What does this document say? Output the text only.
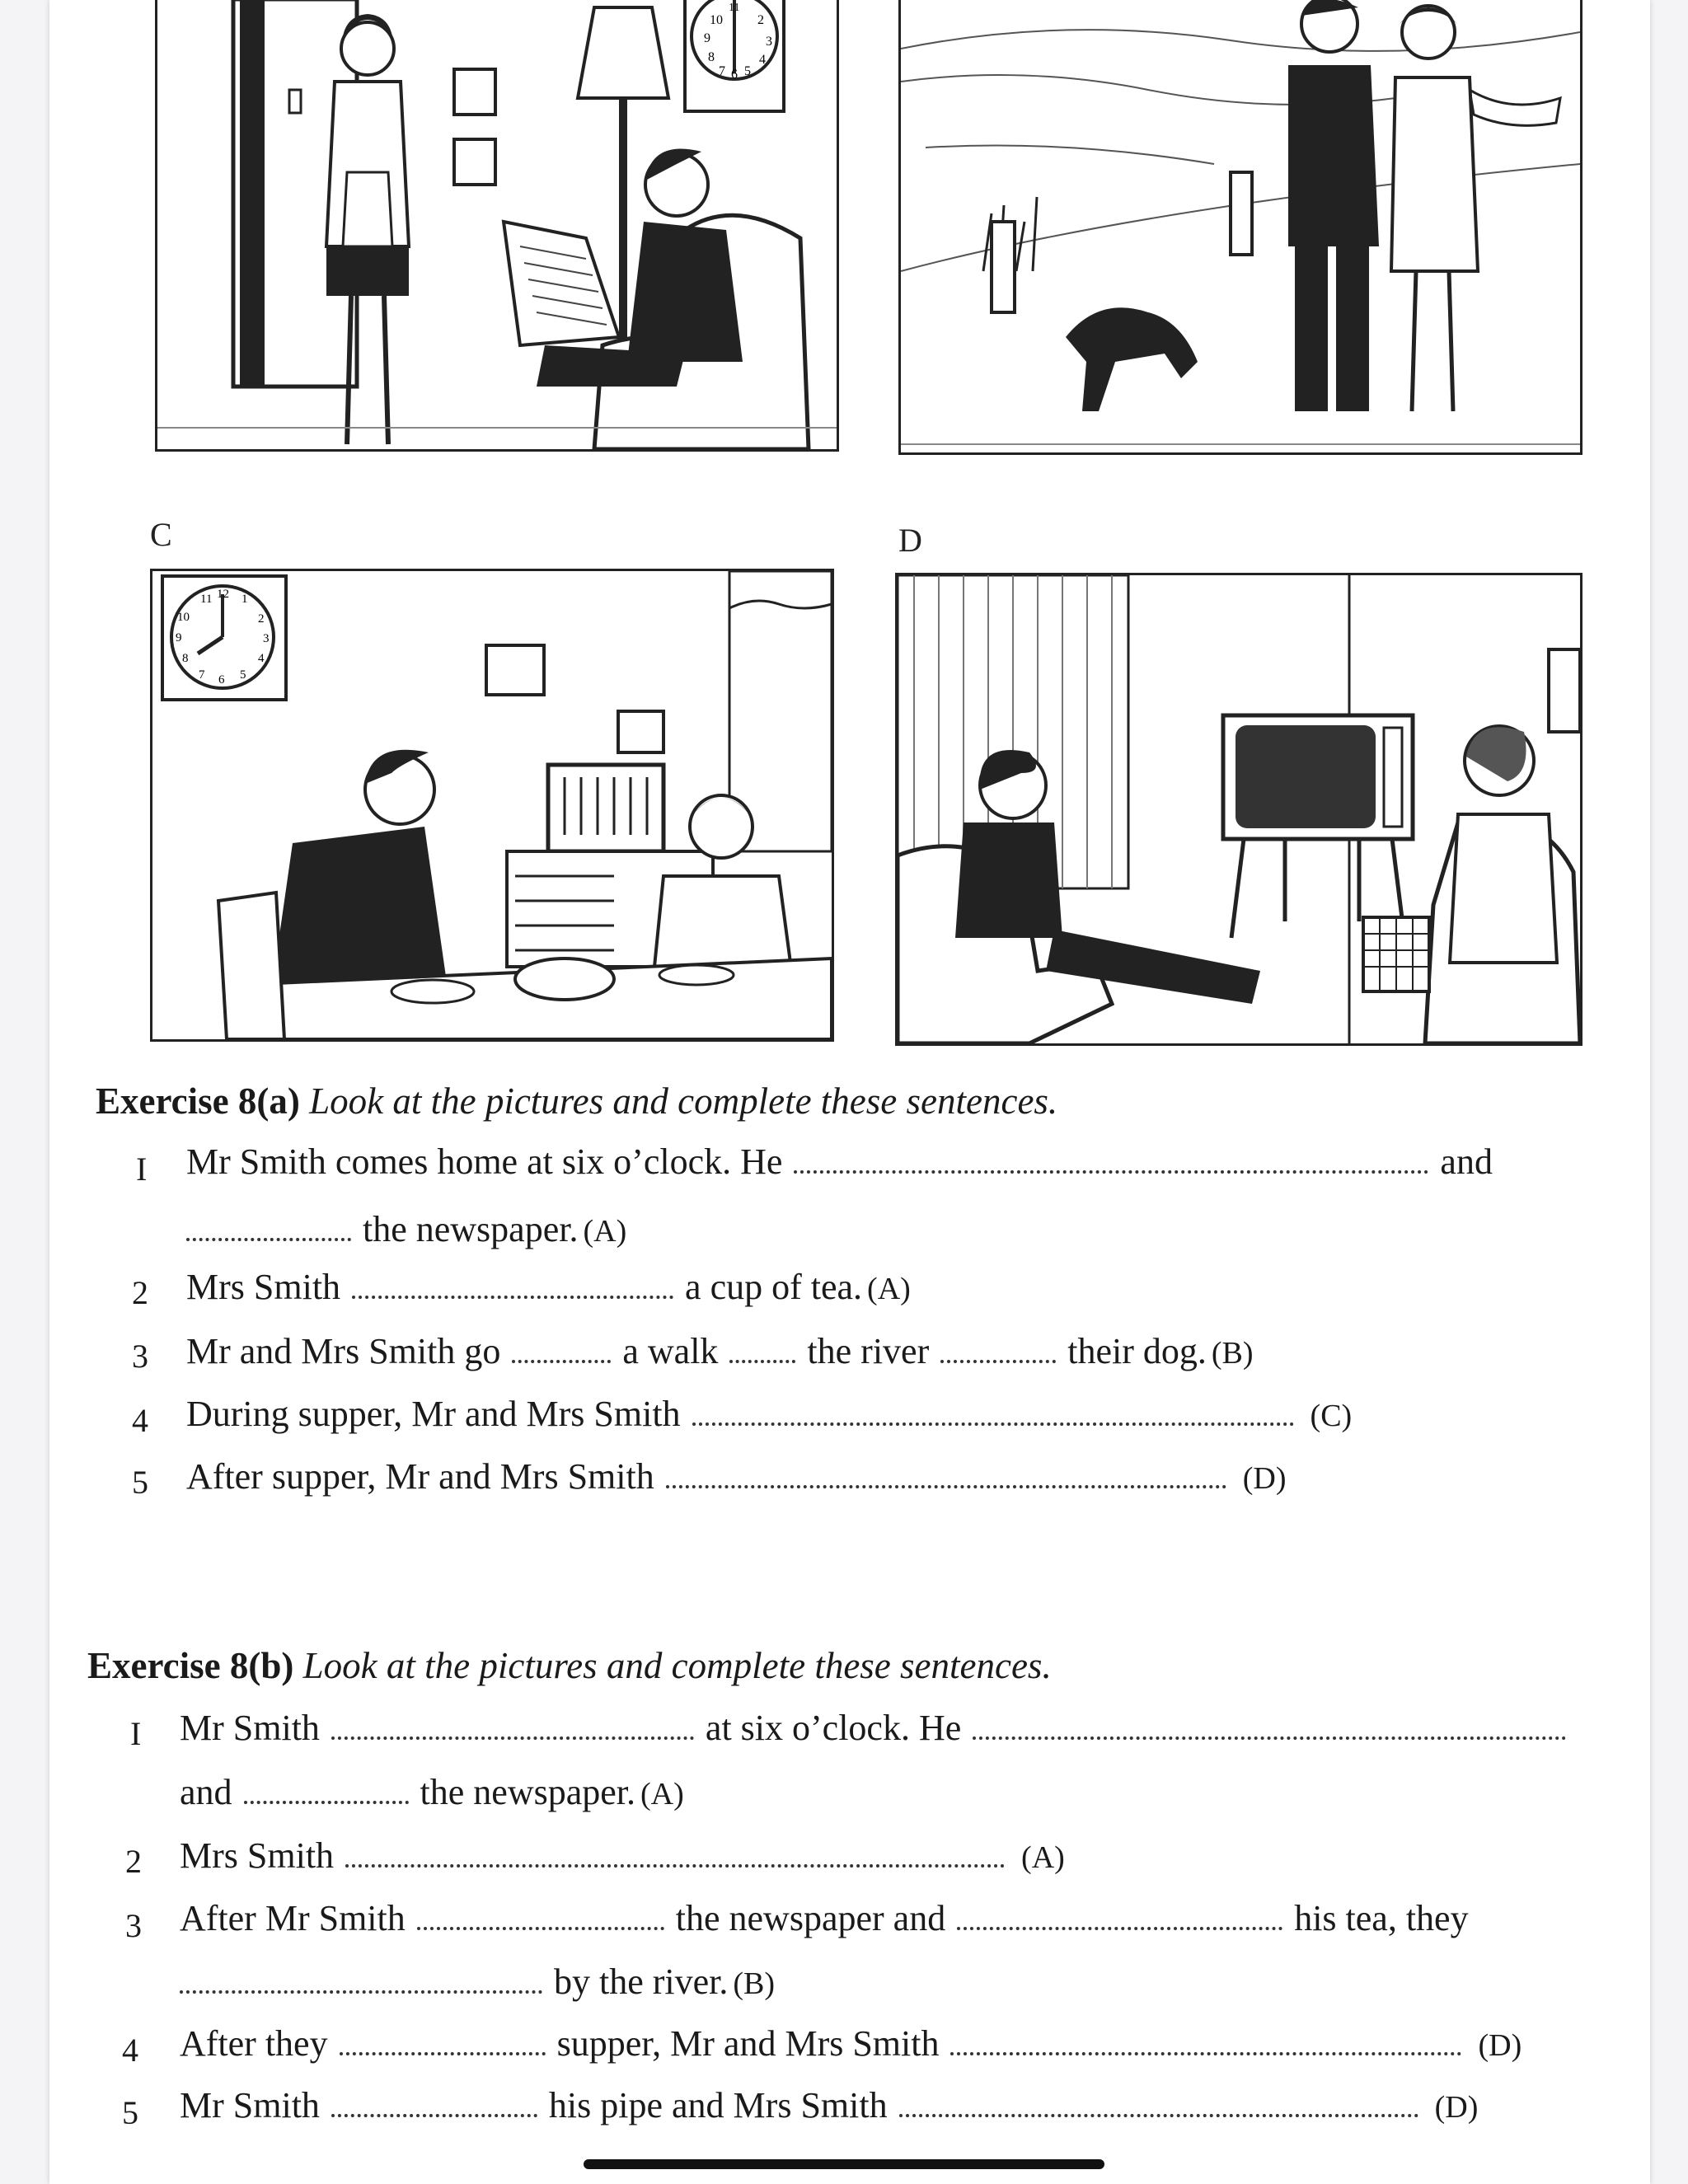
10	2
9	3
8	4
7 6 5
11
C	D
12
11 1
10	2
9	3
8	4
7 6 5
Exercise 8(a) Look at the pictures and complete these sentences.
I Mr Smith comes home at six o’clock. He	and
the newspaper. (A)
2 Mrs Smith	a cup of tea. (A)
3 Mr and Mrs Smith go	a walk the river	their dog. (B)
4 During supper, Mr and Mrs Smith	(C)
5 After supper, Mr and Mrs Smith	(D)
Exercise 8(b) Look at the pictures and complete these sentences.
I Mr Smith	at six o’clock. He
and	the newspaper. (A)
2 Mrs Smith	(A)
3 After Mr Smith	the newspaper and	his tea, they
by the river. (B)
4 After they	supper, Mr and Mrs Smith	(D)
5 Mr Smith	his pipe and Mrs Smith	(D)
